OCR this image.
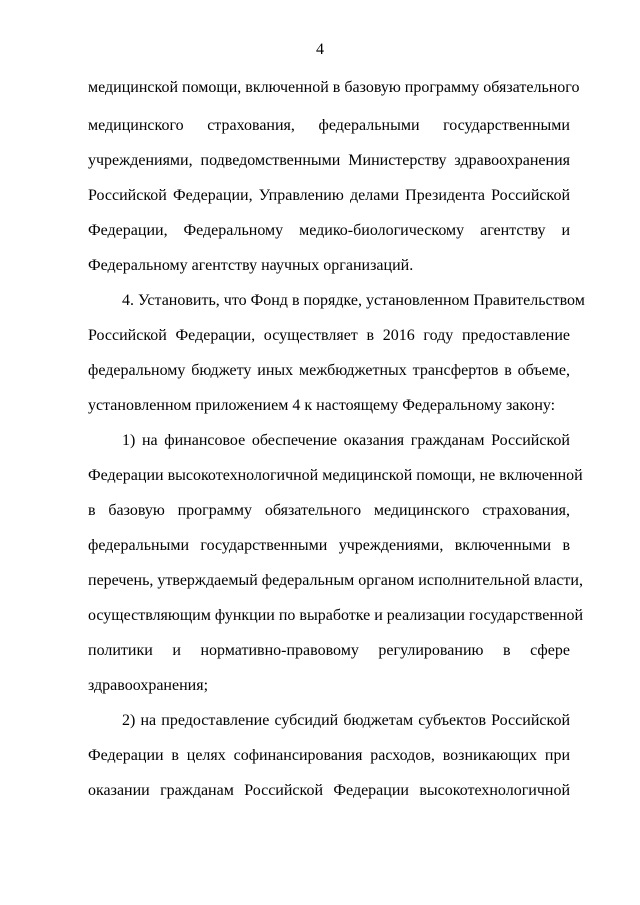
4
медицинской помощи, включенной в базовую программу обязательного
медицинского страхования, федеральными государственными
учреждениями, подведомственными Министерству здравоохранения
Российской Федерации, Управлению делами Президента Российской
Федерации, Федеральному медико-биологическому агентству и
Федеральному агентству научных организаций.
4. Установить, что Фонд в порядке, установленном Правительством
Российской Федерации, осуществляет в 2016 году предоставление
федеральному бюджету иных межбюджетных трансфертов в объеме,
установленном приложением 4 к настоящему Федеральному закону:
1) на финансовое обеспечение оказания гражданам Российской
Федерации высокотехнологичной медицинской помощи, не включенной
в базовую программу обязательного медицинского страхования,
федеральными государственными учреждениями, включенными в
перечень, утверждаемый федеральным органом исполнительной власти,
осуществляющим функции по выработке и реализации государственной
политики и нормативно-правовому регулированию в сфере
здравоохранения;
2) на предоставление субсидий бюджетам субъектов Российской
Федерации в целях софинансирования расходов, возникающих при
оказании гражданам Российской Федерации высокотехнологичной
